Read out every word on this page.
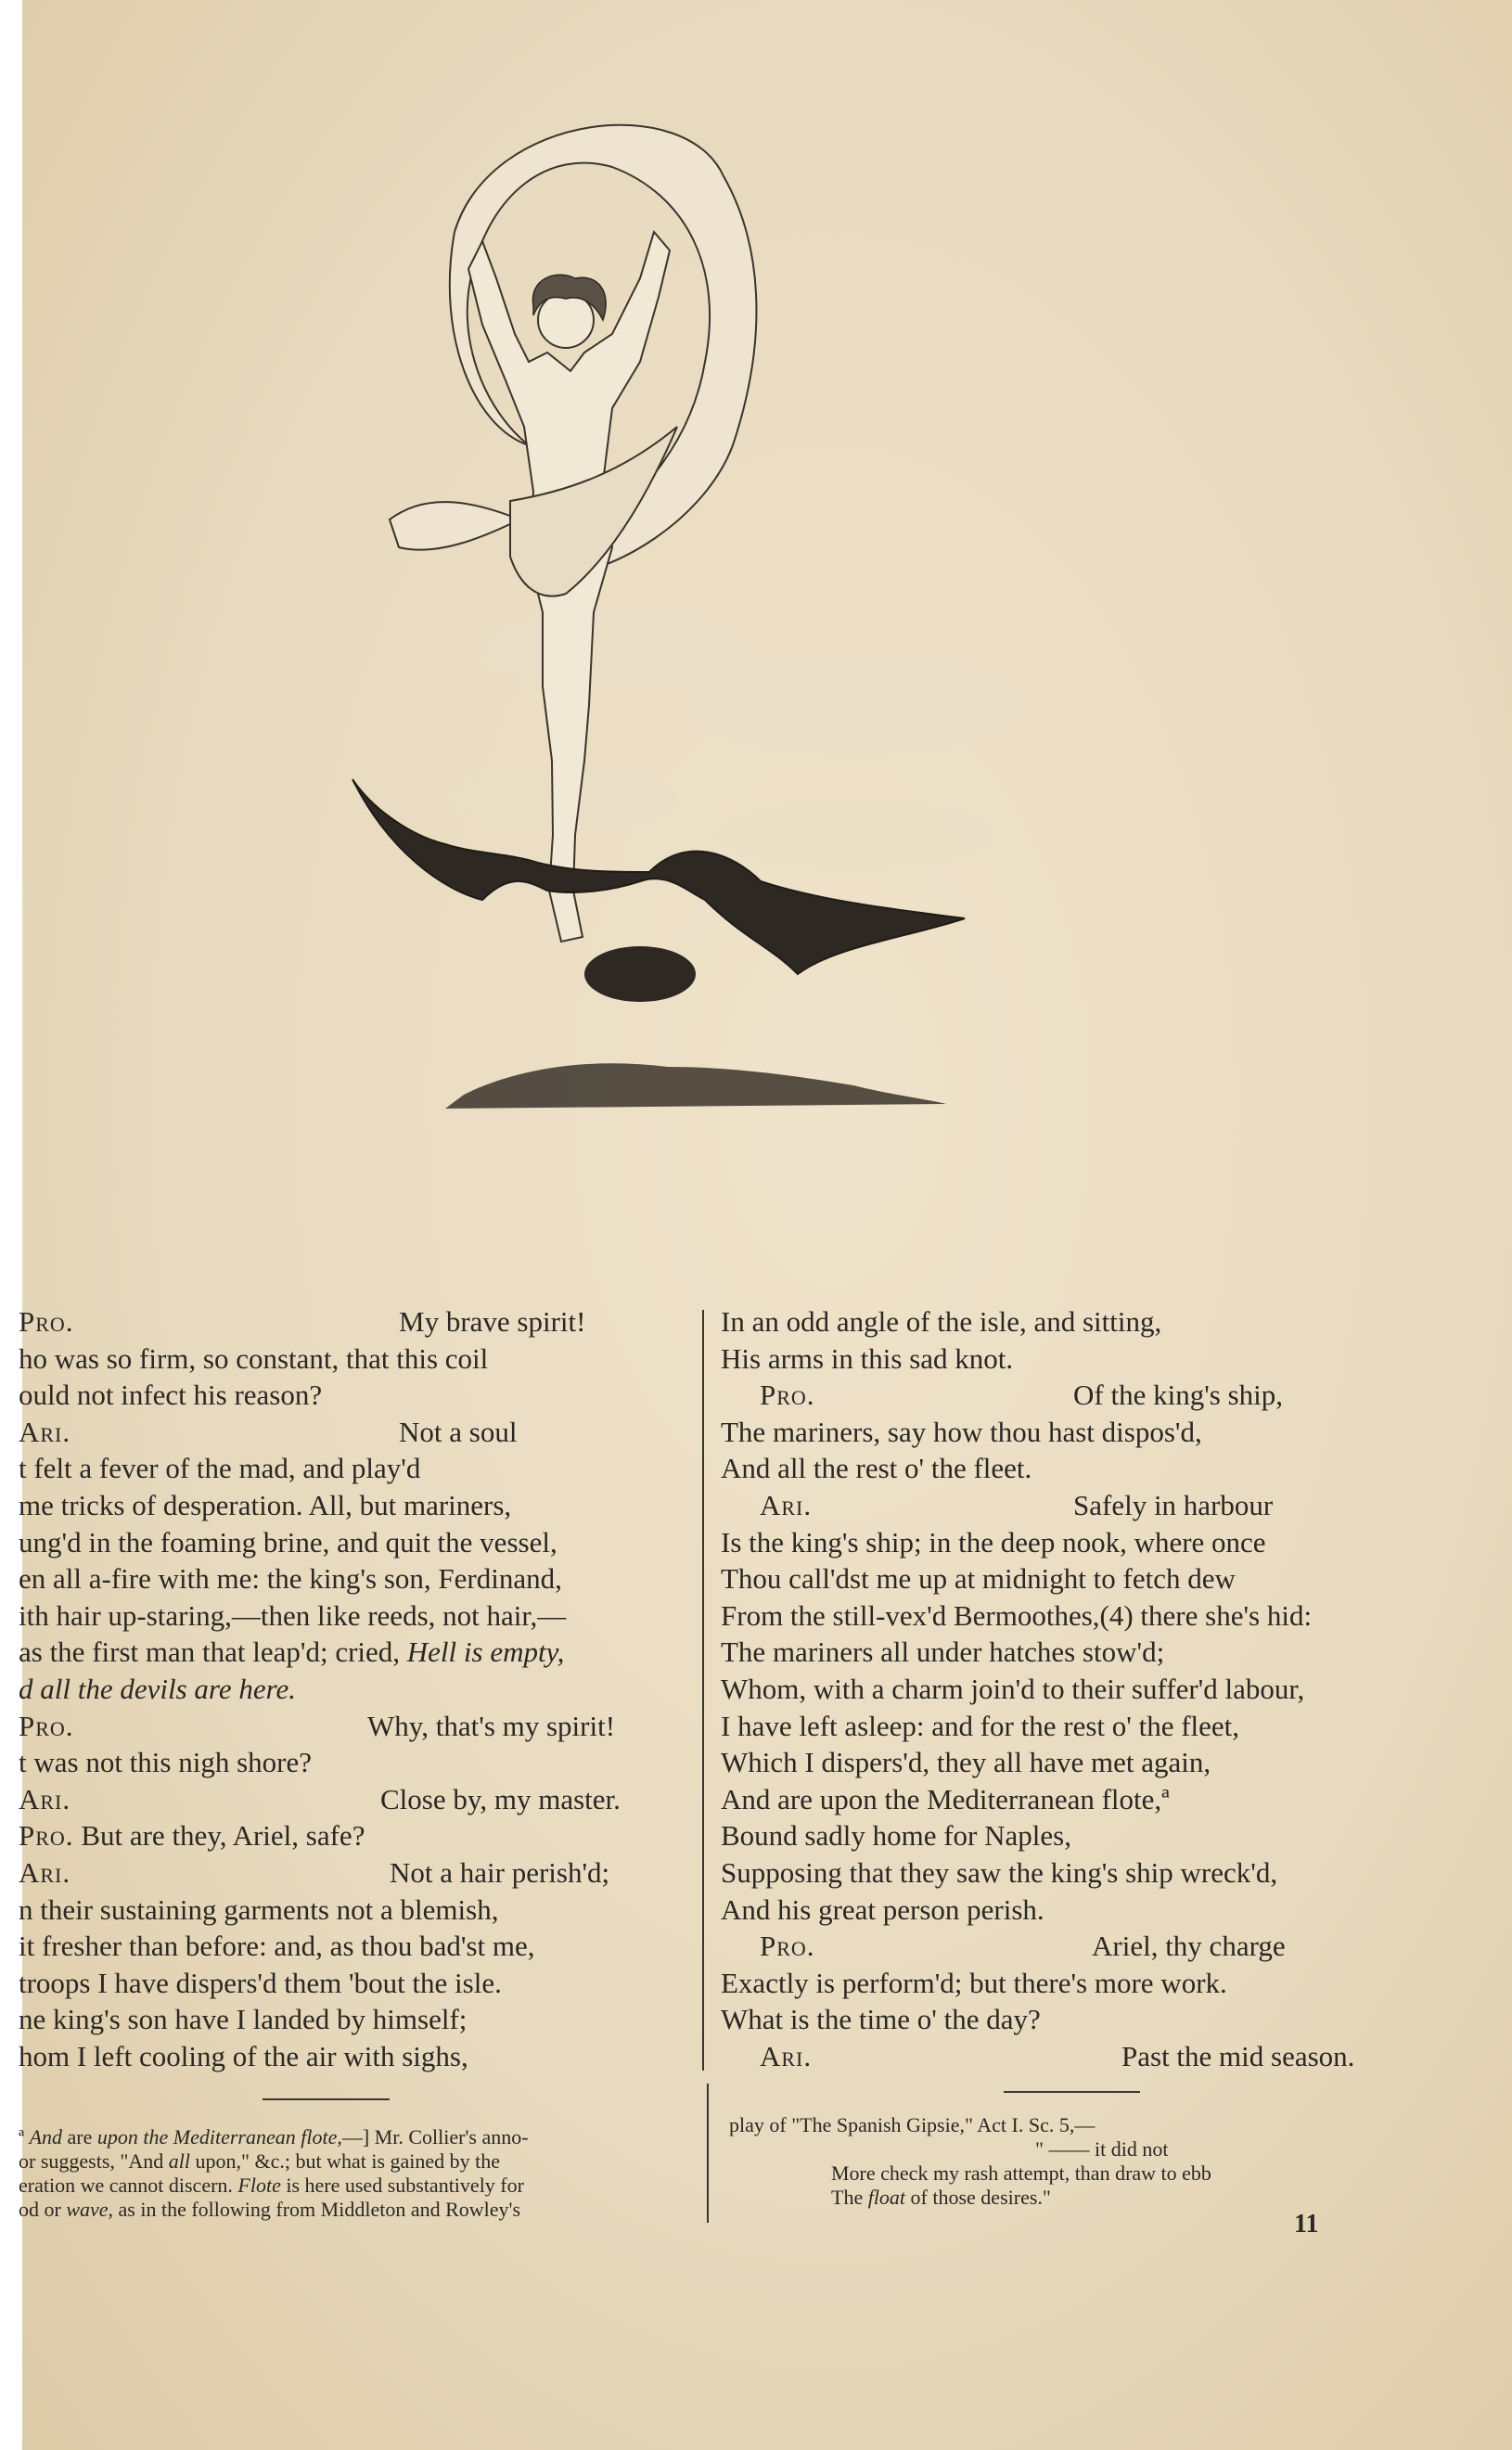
Pro.	My brave spirit!
ho was so firm, so constant, that this coil
ould not infect his reason?
Ari.	Not a soul
t felt a fever of the mad, and play'd
me tricks of desperation. All, but mariners,
ung'd in the foaming brine, and quit the vessel,
en all a-fire with me: the king's son, Ferdinand,
ith hair up-staring,—then like reeds, not hair,—
as the first man that leap'd; cried, Hell is empty,
d all the devils are here.
Pro.	Why, that's my spirit!
t was not this nigh shore?
Ari.	Close by, my master.
Pro. But are they, Ariel, safe?
Ari.	Not a hair perish'd;
n their sustaining garments not a blemish,
it fresher than before: and, as thou bad'st me,
troops I have dispers'd them 'bout the isle.
ne king's son have I landed by himself;
hom I left cooling of the air with sighs,
In an odd angle of the isle, and sitting,
His arms in this sad knot.
Pro.	Of the king's ship,
The mariners, say how thou hast dispos'd,
And all the rest o' the fleet.
Ari.	Safely in harbour
Is the king's ship; in the deep nook, where once
Thou call'dst me up at midnight to fetch dew
From the still-vex'd Bermoothes,(4) there she's hid:
The mariners all under hatches stow'd;
Whom, with a charm join'd to their suffer'd labour,
I have left asleep: and for the rest o' the fleet,
Which I dispers'd, they all have met again,
And are upon the Mediterranean flote,ª
Bound sadly home for Naples,
Supposing that they saw the king's ship wreck'd,
And his great person perish.
Pro.	Ariel, thy charge
Exactly is perform'd; but there's more work.
What is the time o' the day?
Ari.	Past the mid season.
ª And are upon the Mediterranean flote,—] Mr. Collier's anno-
or suggests, "And all upon," &c.; but what is gained by the
eration we cannot discern. Flote is here used substantively for
od or wave, as in the following from Middleton and Rowley's
play of "The Spanish Gipsie," Act I. Sc. 5,—
" —— it did not
More check my rash attempt, than draw to ebb
The float of those desires."
11
